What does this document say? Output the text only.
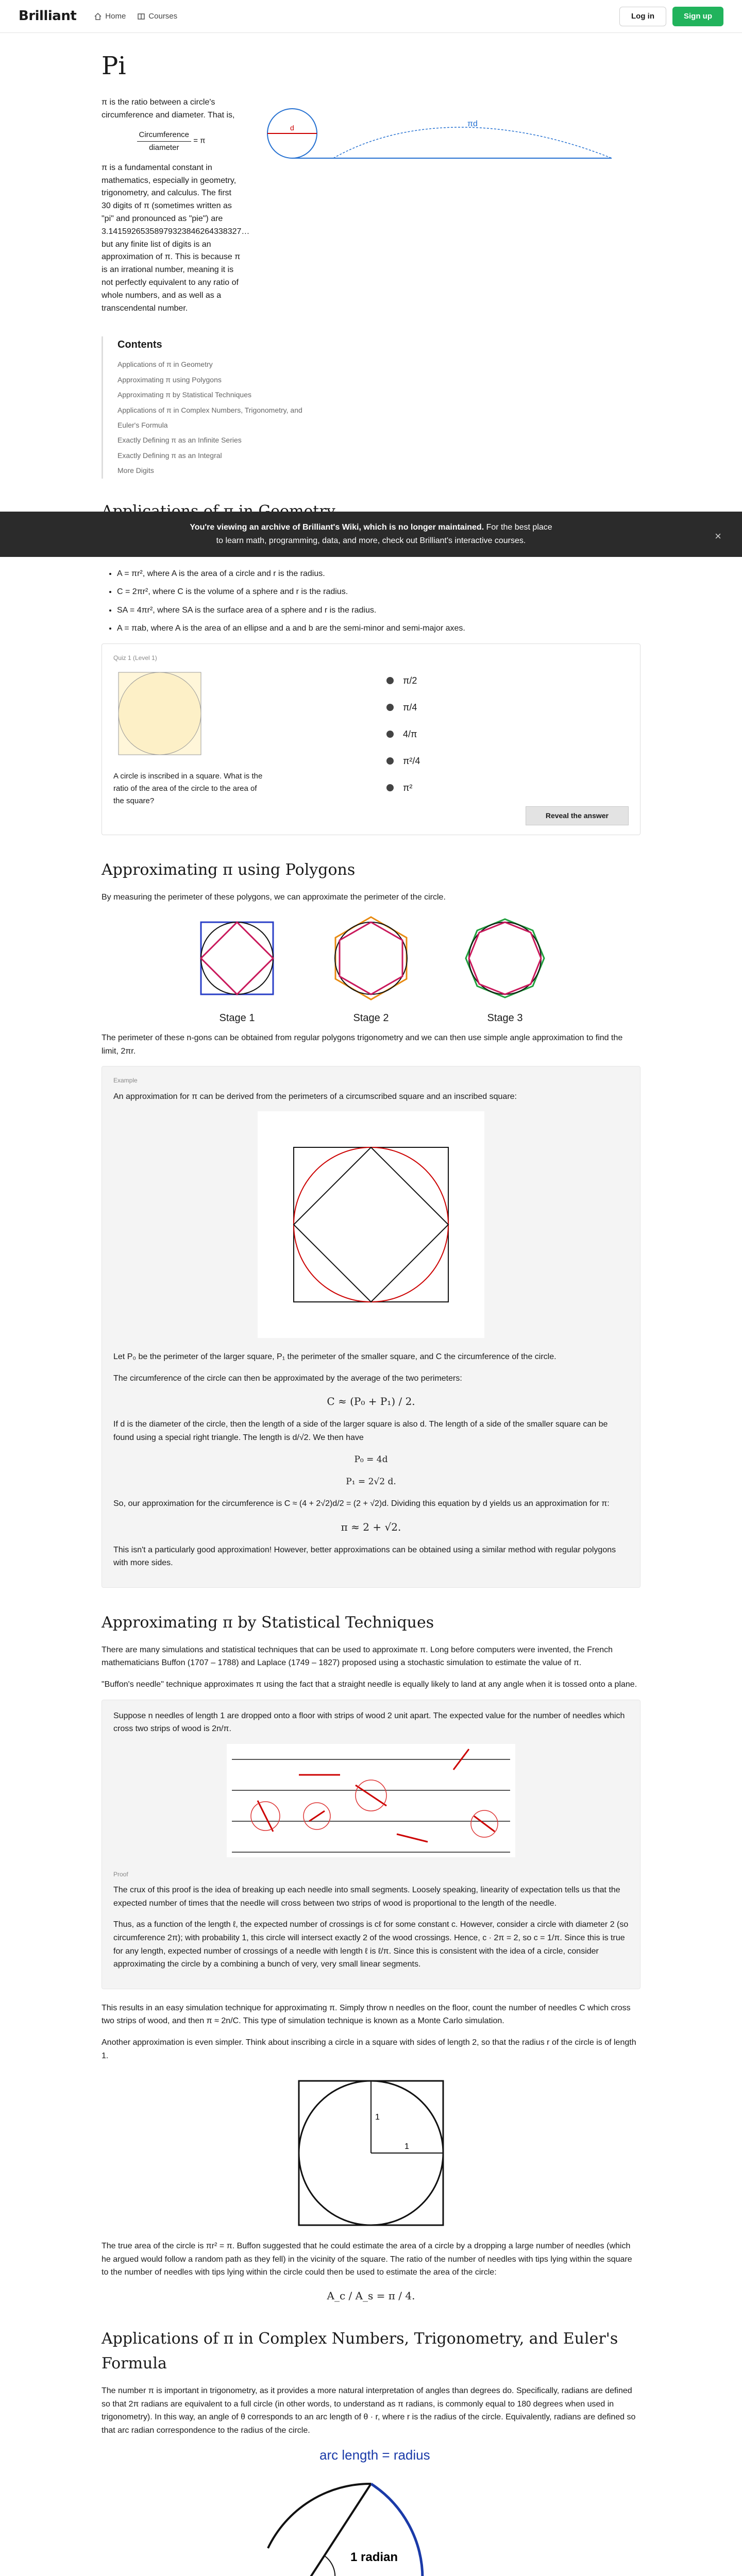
Brilliant	Home	Courses	Log in	Sign up
Pi

π is the ratio between a circle's circumference and diameter. That is,

Circumference
diameter
= π

π is a fundamental constant in mathematics, especially in geometry, trigonometry, and calculus. The first 30 digits of π (sometimes written as "pi" and pronounced as "pie") are 3.14159265358979323846264338327… but any finite list of digits is an approximation of π. This is because π is an irrational number, meaning it is not perfectly equivalent to any ratio of whole numbers, and as well as a transcendental number.

d	πd
Contents
Applications of π in Geometry
Approximating π using Polygons
Approximating π by Statistical Techniques
Applications of π in Complex Numbers, Trigonometry, and Euler's Formula
Exactly Defining π as an Infinite Series
Exactly Defining π as an Integral
More Digits
You're viewing an archive of Brilliant's Wiki, which is no longer maintained. For the best place to learn math, programming, data, and more, check out Brilliant's interactive courses.	×
• A = πr², where A is the area of a circle and r is the radius.
• C = 2πr², where C is the volume of a sphere and r is the radius.
• SA = 4πr², where SA is the surface area of a sphere and r is the radius.
• A = πab, where A is the area of an ellipse and a and b are the semi-minor and semi-major axes.
Quiz 1 (Level 1)

A circle is inscribed in a square. What is the ratio of the area of the circle to the area of the square?

π/2
π/4
4/π
π²/4
π²
Reveal the answer
Approximating π using Polygons

By measuring the perimeter of these polygons, we can approximate the perimeter of the circle.

Stage 1	Stage 2	Stage 3

The perimeter of these n-gons can be obtained from regular polygons trigonometry and we can then use simple angle approximation to find the limit, 2πr.

Example

An approximation for π can be derived from the perimeters of a circumscribed square and an inscribed square:

Let P₀ be the perimeter of the larger square, P₁ the perimeter of the smaller square, and C the circumference of the circle.

The circumference of the circle can then be approximated by the average of the two perimeters:

C ≈ (P₀ + P₁) / 2.

If d is the diameter of the circle, then the length of a side of the larger square is also d. The length of a side of the smaller square can be found using a special right triangle. The length is d/√2. We then have

P₀ = 4d
P₁ = 2√2 d.

So, our approximation for the circumference is C ≈ (4 + 2√2)d/2 = (2 + √2)d. Dividing this equation by d yields us an approximation for π:

π ≈ 2 + √2.

This isn't a particularly good approximation! However, better approximations can be obtained using a similar method with regular polygons with more sides.

Approximating π by Statistical Techniques

There are many simulations and statistical techniques that can be used to approximate π. Long before computers were invented, the French mathematicians Buffon (1707 – 1788) and Laplace (1749 – 1827) proposed using a stochastic simulation to estimate the value of π.

"Buffon's needle" technique approximates π using the fact that a straight needle is equally likely to land at any angle when it is tossed onto a plane.

Suppose n needles of length 1 are dropped onto a floor with strips of wood 2 unit apart. The expected value for the number of needles which cross two strips of wood is 2n/π.

Proof

The crux of this proof is the idea of breaking up each needle into small segments. Loosely speaking, linearity of expectation tells us that the expected number of times that the needle will cross between two strips of wood is proportional to the length of the needle.

Thus, as a function of the length ℓ, the expected number of crossings is cℓ for some constant c. However, consider a circle with diameter 2 (so circumference 2π); with probability 1, this circle will intersect exactly 2 of the wood crossings. Hence, c · 2π = 2, so c = 1/π. Since this is true for any length, expected number of crossings of a needle with length ℓ is ℓ/π. Since this is consistent with the idea of a circle, consider approximating the circle by a combining a bunch of very, very small linear segments.

This results in an easy simulation technique for approximating π. Simply throw n needles on the floor, count the number of needles C which cross two strips of wood, and then π ≈ 2n/C. This type of simulation technique is known as a Monte Carlo simulation.

Another approximation is even simpler. Think about inscribing a circle in a square with sides of length 2, so that the radius r of the circle is of length 1.

1
1

The true area of the circle is πr² = π. Buffon suggested that he could estimate the area of a circle by a dropping a large number of needles (which he argued would follow a random path as they fell) in the vicinity of the square. The ratio of the number of needles with tips lying within the square to the number of needles with tips lying within the circle could then be used to estimate the area of the circle:

A_c / A_s = π / 4.
Applications of π in Complex Numbers, Trigonometry, and Euler's Formula

The number π is important in trigonometry, as it provides a more natural interpretation of angles than degrees do. Specifically, radians are defined so that 2π radians are equivalent to a full circle (in other words, to understand as π radians, is commonly equal to 180 degrees when used in trigonometry). In this way, an angle of θ corresponds to an arc length of θ · r, where r is the radius of the circle. Equivalently, radians are defined so that arc radian correspondence to the radius of the circle.

arc length = radius
1 radian
